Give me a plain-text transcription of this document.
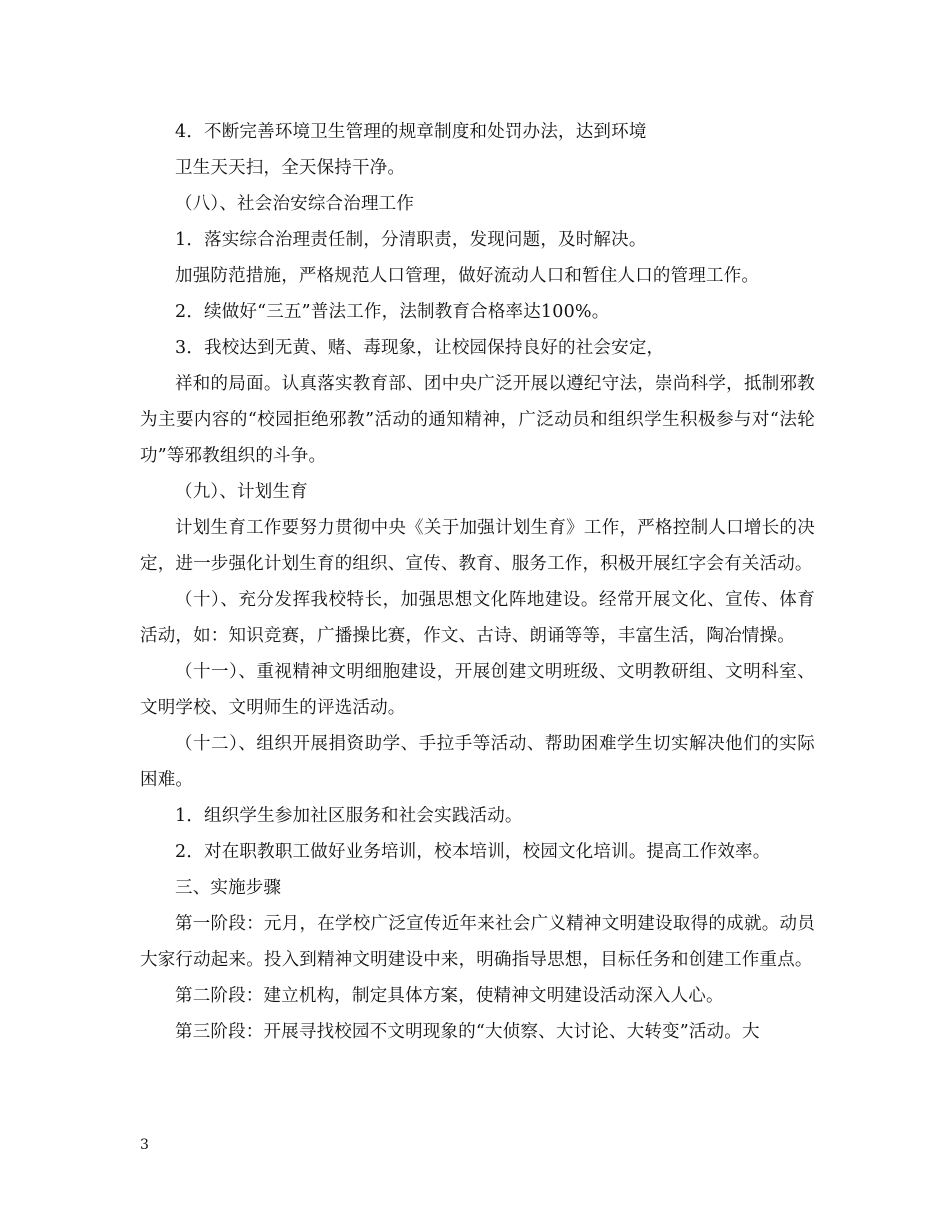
4．不断完善环境卫生管理的规章制度和处罚办法，达到环境

卫生天天扫，全天保持干净。

（八）、社会治安综合治理工作

1．落实综合治理责任制，分清职责，发现问题，及时解决。

加强防范措施，严格规范人口管理，做好流动人口和暂住人口的管理工作。

2．续做好“三五”普法工作，法制教育合格率达100%。

3．我校达到无黄、赌、毒现象，让校园保持良好的社会安定，

祥和的局面。认真落实教育部、团中央广泛开展以遵纪守法，崇尚科学，抵制邪教为主要内容的“校园拒绝邪教”活动的通知精神，广泛动员和组织学生积极参与对“法轮功”等邪教组织的斗争。

（九）、计划生育

计划生育工作要努力贯彻中央《关于加强计划生育》工作，严格控制人口增长的决定，进一步强化计划生育的组织、宣传、教育、服务工作，积极开展红字会有关活动。

（十）、充分发挥我校特长，加强思想文化阵地建设。经常开展文化、宣传、体育活动，如：知识竞赛，广播操比赛，作文、古诗、朗诵等等，丰富生活，陶冶情操。

（十一）、重视精神文明细胞建设，开展创建文明班级、文明教研组、文明科室、文明学校、文明师生的评选活动。

（十二）、组织开展捐资助学、手拉手等活动、帮助困难学生切实解决他们的实际困难。

1．组织学生参加社区服务和社会实践活动。

2．对在职教职工做好业务培训，校本培训，校园文化培训。提高工作效率。

三、实施步骤

第一阶段：元月，在学校广泛宣传近年来社会广义精神文明建设取得的成就。动员大家行动起来。投入到精神文明建设中来，明确指导思想，目标任务和创建工作重点。

第二阶段：建立机构，制定具体方案，使精神文明建设活动深入人心。

第三阶段：开展寻找校园不文明现象的“大侦察、大讨论、大转变”活动。大

3
